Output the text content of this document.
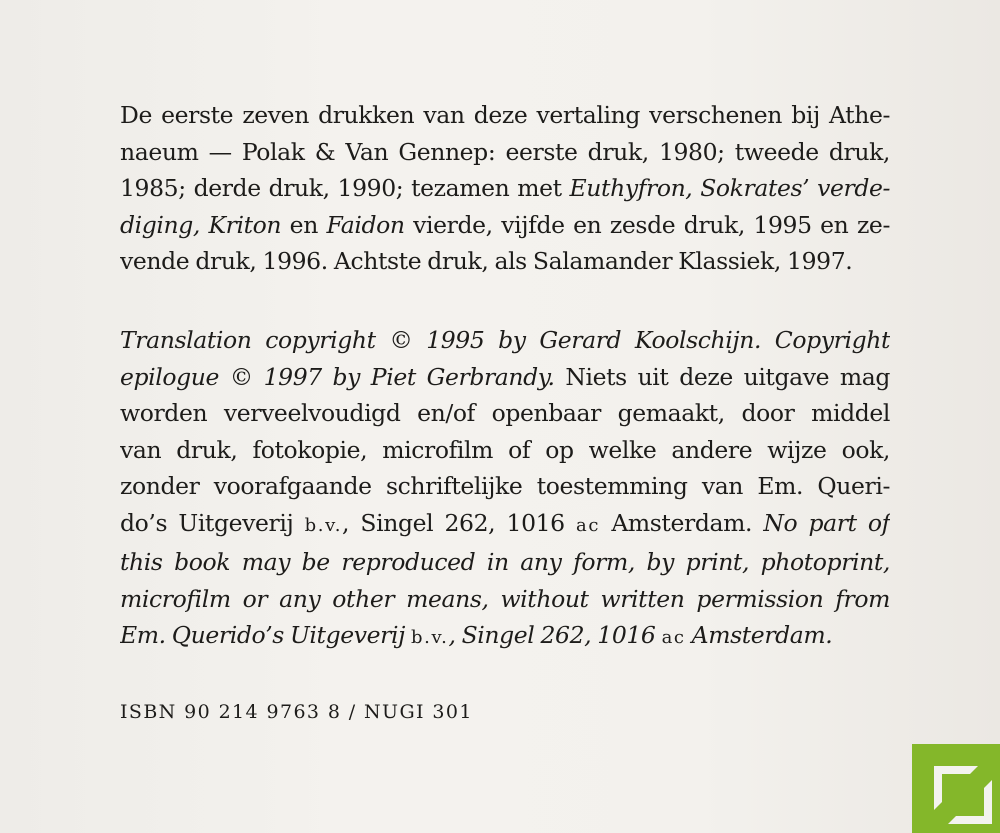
De eerste zeven drukken van deze vertaling verschenen bij Athe-
naeum — Polak & Van Gennep: eerste druk, 1980; tweede druk,
1985; derde druk, 1990; tezamen met Euthyfron, Sokrates’ verde-
diging, Kriton en Faidon vierde, vijfde en zesde druk, 1995 en ze-
vende druk, 1996. Achtste druk, als Salamander Klassiek, 1997.
Translation copyright © 1995 by Gerard Koolschijn. Copyright
epilogue © 1997 by Piet Gerbrandy. Niets uit deze uitgave mag
worden verveelvoudigd en/of openbaar gemaakt, door middel
van druk, fotokopie, microfilm of op welke andere wijze ook,
zonder voorafgaande schriftelijke toestemming van Em. Queri-
do’s Uitgeverij b.v., Singel 262, 1016 ac Amsterdam. No part of
this book may be reproduced in any form, by print, photoprint,
microfilm or any other means, without written permission from
Em. Querido’s Uitgeverij b.v., Singel 262, 1016 ac Amsterdam.
ISBN 90 214 9763 8 / NUGI 301
